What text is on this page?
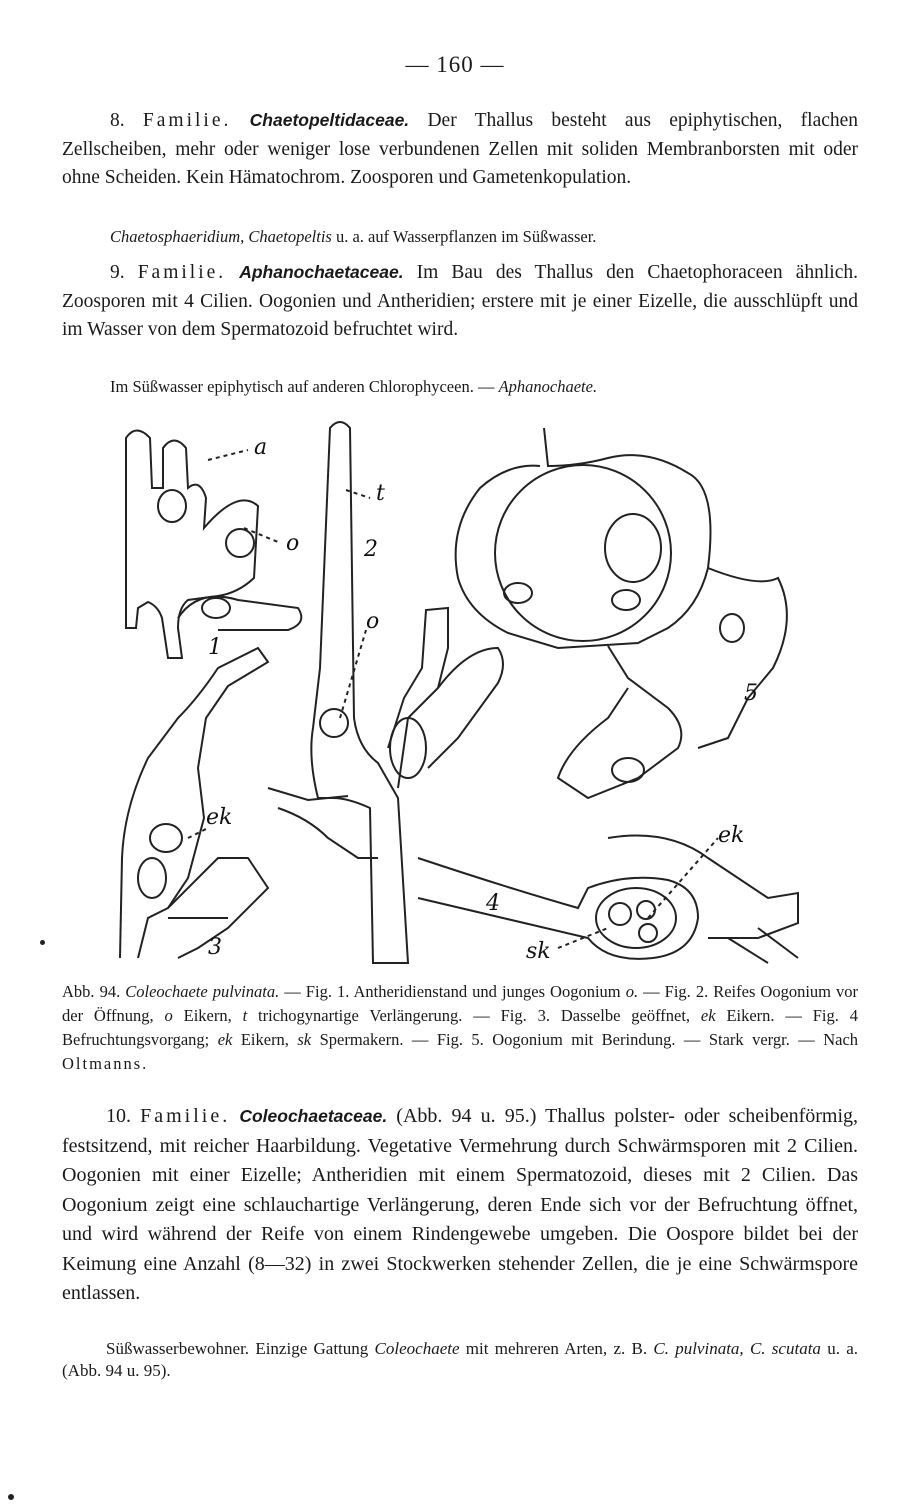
— 160 —

8. Familie. Chaetopeltidaceae. Der Thallus besteht aus epiphytischen, flachen Zellscheiben, mehr oder weniger lose verbundenen Zellen mit soliden Membranborsten mit oder ohne Scheiden. Kein Hämatochrom. Zoosporen und Gametenkopulation.

Chaetosphaeridium, Chaetopeltis u. a. auf Wasserpflanzen im Süßwasser.

9. Familie. Aphanochaetaceae. Im Bau des Thallus den Chaetophoraceen ähnlich. Zoosporen mit 4 Cilien. Oogonien und Antheridien; erstere mit je einer Eizelle, die ausschlüpft und im Wasser von dem Spermatozoid befruchtet wird.

Im Süßwasser epiphytisch auf anderen Chlorophyceen. — Aphanochaete.

a
t
o	2
o
1
5
ek
ek
4
3	sk

Abb. 94. Coleochaete pulvinata. — Fig. 1. Antheridienstand und junges Oogonium o. — Fig. 2. Reifes Oogonium vor der Öffnung, o Eikern, t trichogynartige Verlängerung. — Fig. 3. Dasselbe geöffnet, ek Eikern. — Fig. 4 Befruchtungsvorgang; ek Eikern, sk Spermakern. — Fig. 5. Oogonium mit Berindung. — Stark vergr. — Nach Oltmanns.

10. Familie. Coleochaetaceae. (Abb. 94 u. 95.) Thallus polster- oder scheibenförmig, festsitzend, mit reicher Haarbildung. Vegetative Vermehrung durch Schwärmsporen mit 2 Cilien. Oogonien mit einer Eizelle; Antheridien mit einem Spermatozoid, dieses mit 2 Cilien. Das Oogonium zeigt eine schlauchartige Verlängerung, deren Ende sich vor der Befruchtung öffnet, und wird während der Reife von einem Rindengewebe umgeben. Die Oospore bildet bei der Keimung eine Anzahl (8—32) in zwei Stockwerken stehender Zellen, die je eine Schwärmspore entlassen.

Süßwasserbewohner. Einzige Gattung Coleochaete mit mehreren Arten, z. B. C. pulvinata, C. scutata u. a. (Abb. 94 u. 95).
